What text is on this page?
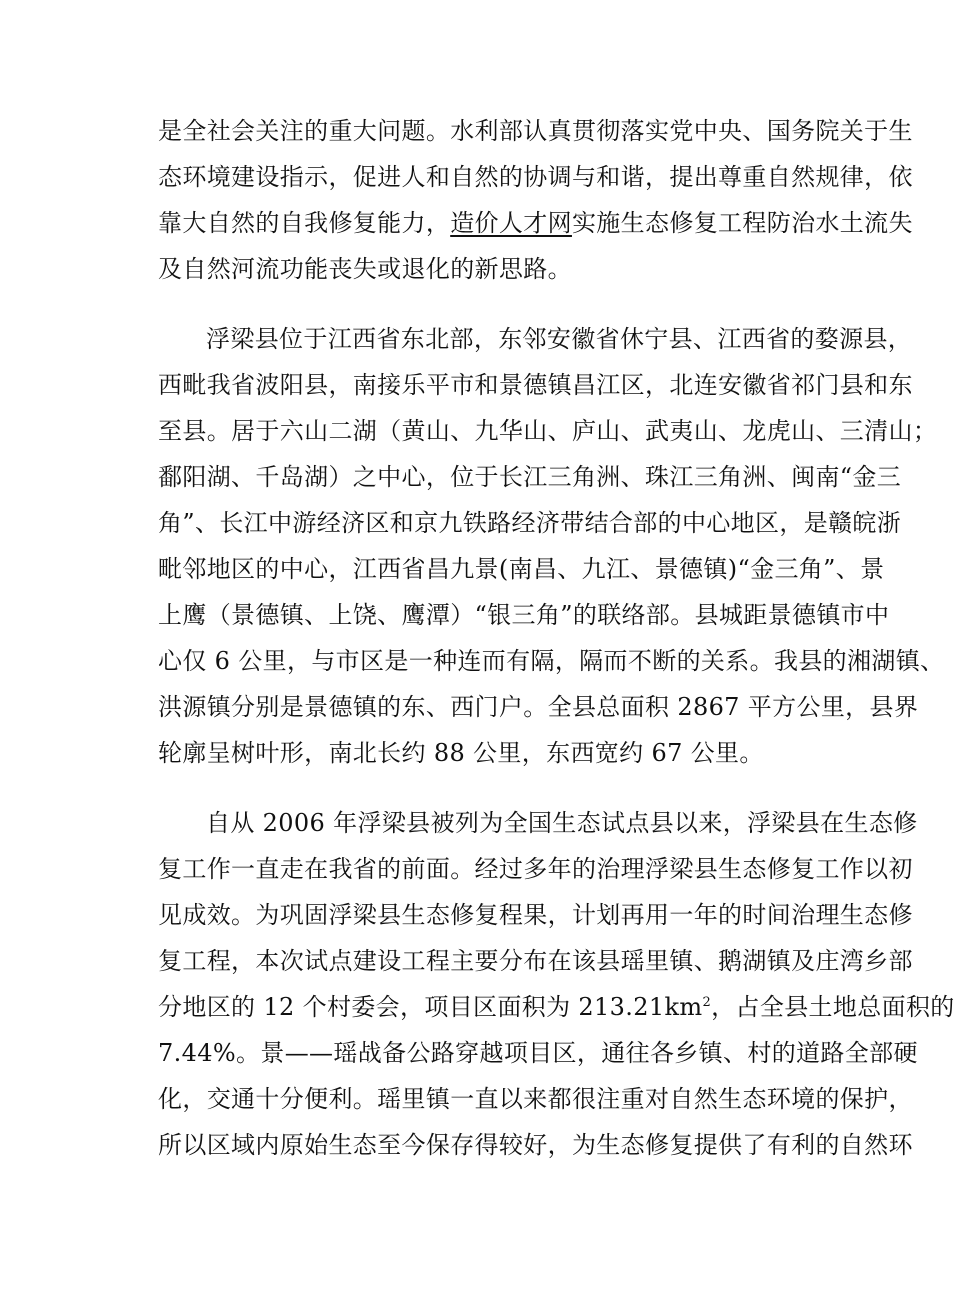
是全社会关注的重大问题。水利部认真贯彻落实党中央、国务院关于生
态环境建设指示，促进人和自然的协调与和谐，提出尊重自然规律，依
靠大自然的自我修复能力，造价人才网实施生态修复工程防治水土流失
及自然河流功能丧失或退化的新思路。

浮梁县位于江西省东北部，东邻安徽省休宁县、江西省的婺源县，
西毗我省波阳县，南接乐平市和景德镇昌江区，北连安徽省祁门县和东
至县。居于六山二湖（黄山、九华山、庐山、武夷山、龙虎山、三清山；
鄱阳湖、千岛湖）之中心，位于长江三角洲、珠江三角洲、闽南“金三
角”、长江中游经济区和京九铁路经济带结合部的中心地区，是赣皖浙
毗邻地区的中心，江西省昌九景(南昌、九江、景德镇)“金三角”、景
上鹰（景德镇、上饶、鹰潭）“银三角”的联络部。县城距景德镇市中
心仅 6 公里，与市区是一种连而有隔，隔而不断的关系。我县的湘湖镇、
洪源镇分别是景德镇的东、西门户。全县总面积 2867 平方公里，县界
轮廓呈树叶形，南北长约 88 公里，东西宽约 67 公里。

自从 2006 年浮梁县被列为全国生态试点县以来，浮梁县在生态修
复工作一直走在我省的前面。经过多年的治理浮梁县生态修复工作以初
见成效。为巩固浮梁县生态修复程果，计划再用一年的时间治理生态修
复工程，本次试点建设工程主要分布在该县瑶里镇、鹅湖镇及庄湾乡部
分地区的 12 个村委会，项目区面积为 $213.21km^2$，占全县土地总面积的
7.44%。景——瑶战备公路穿越项目区，通往各乡镇、村的道路全部硬
化，交通十分便利。瑶里镇一直以来都很注重对自然生态环境的保护，
所以区域内原始生态至今保存得较好，为生态修复提供了有利的自然环
